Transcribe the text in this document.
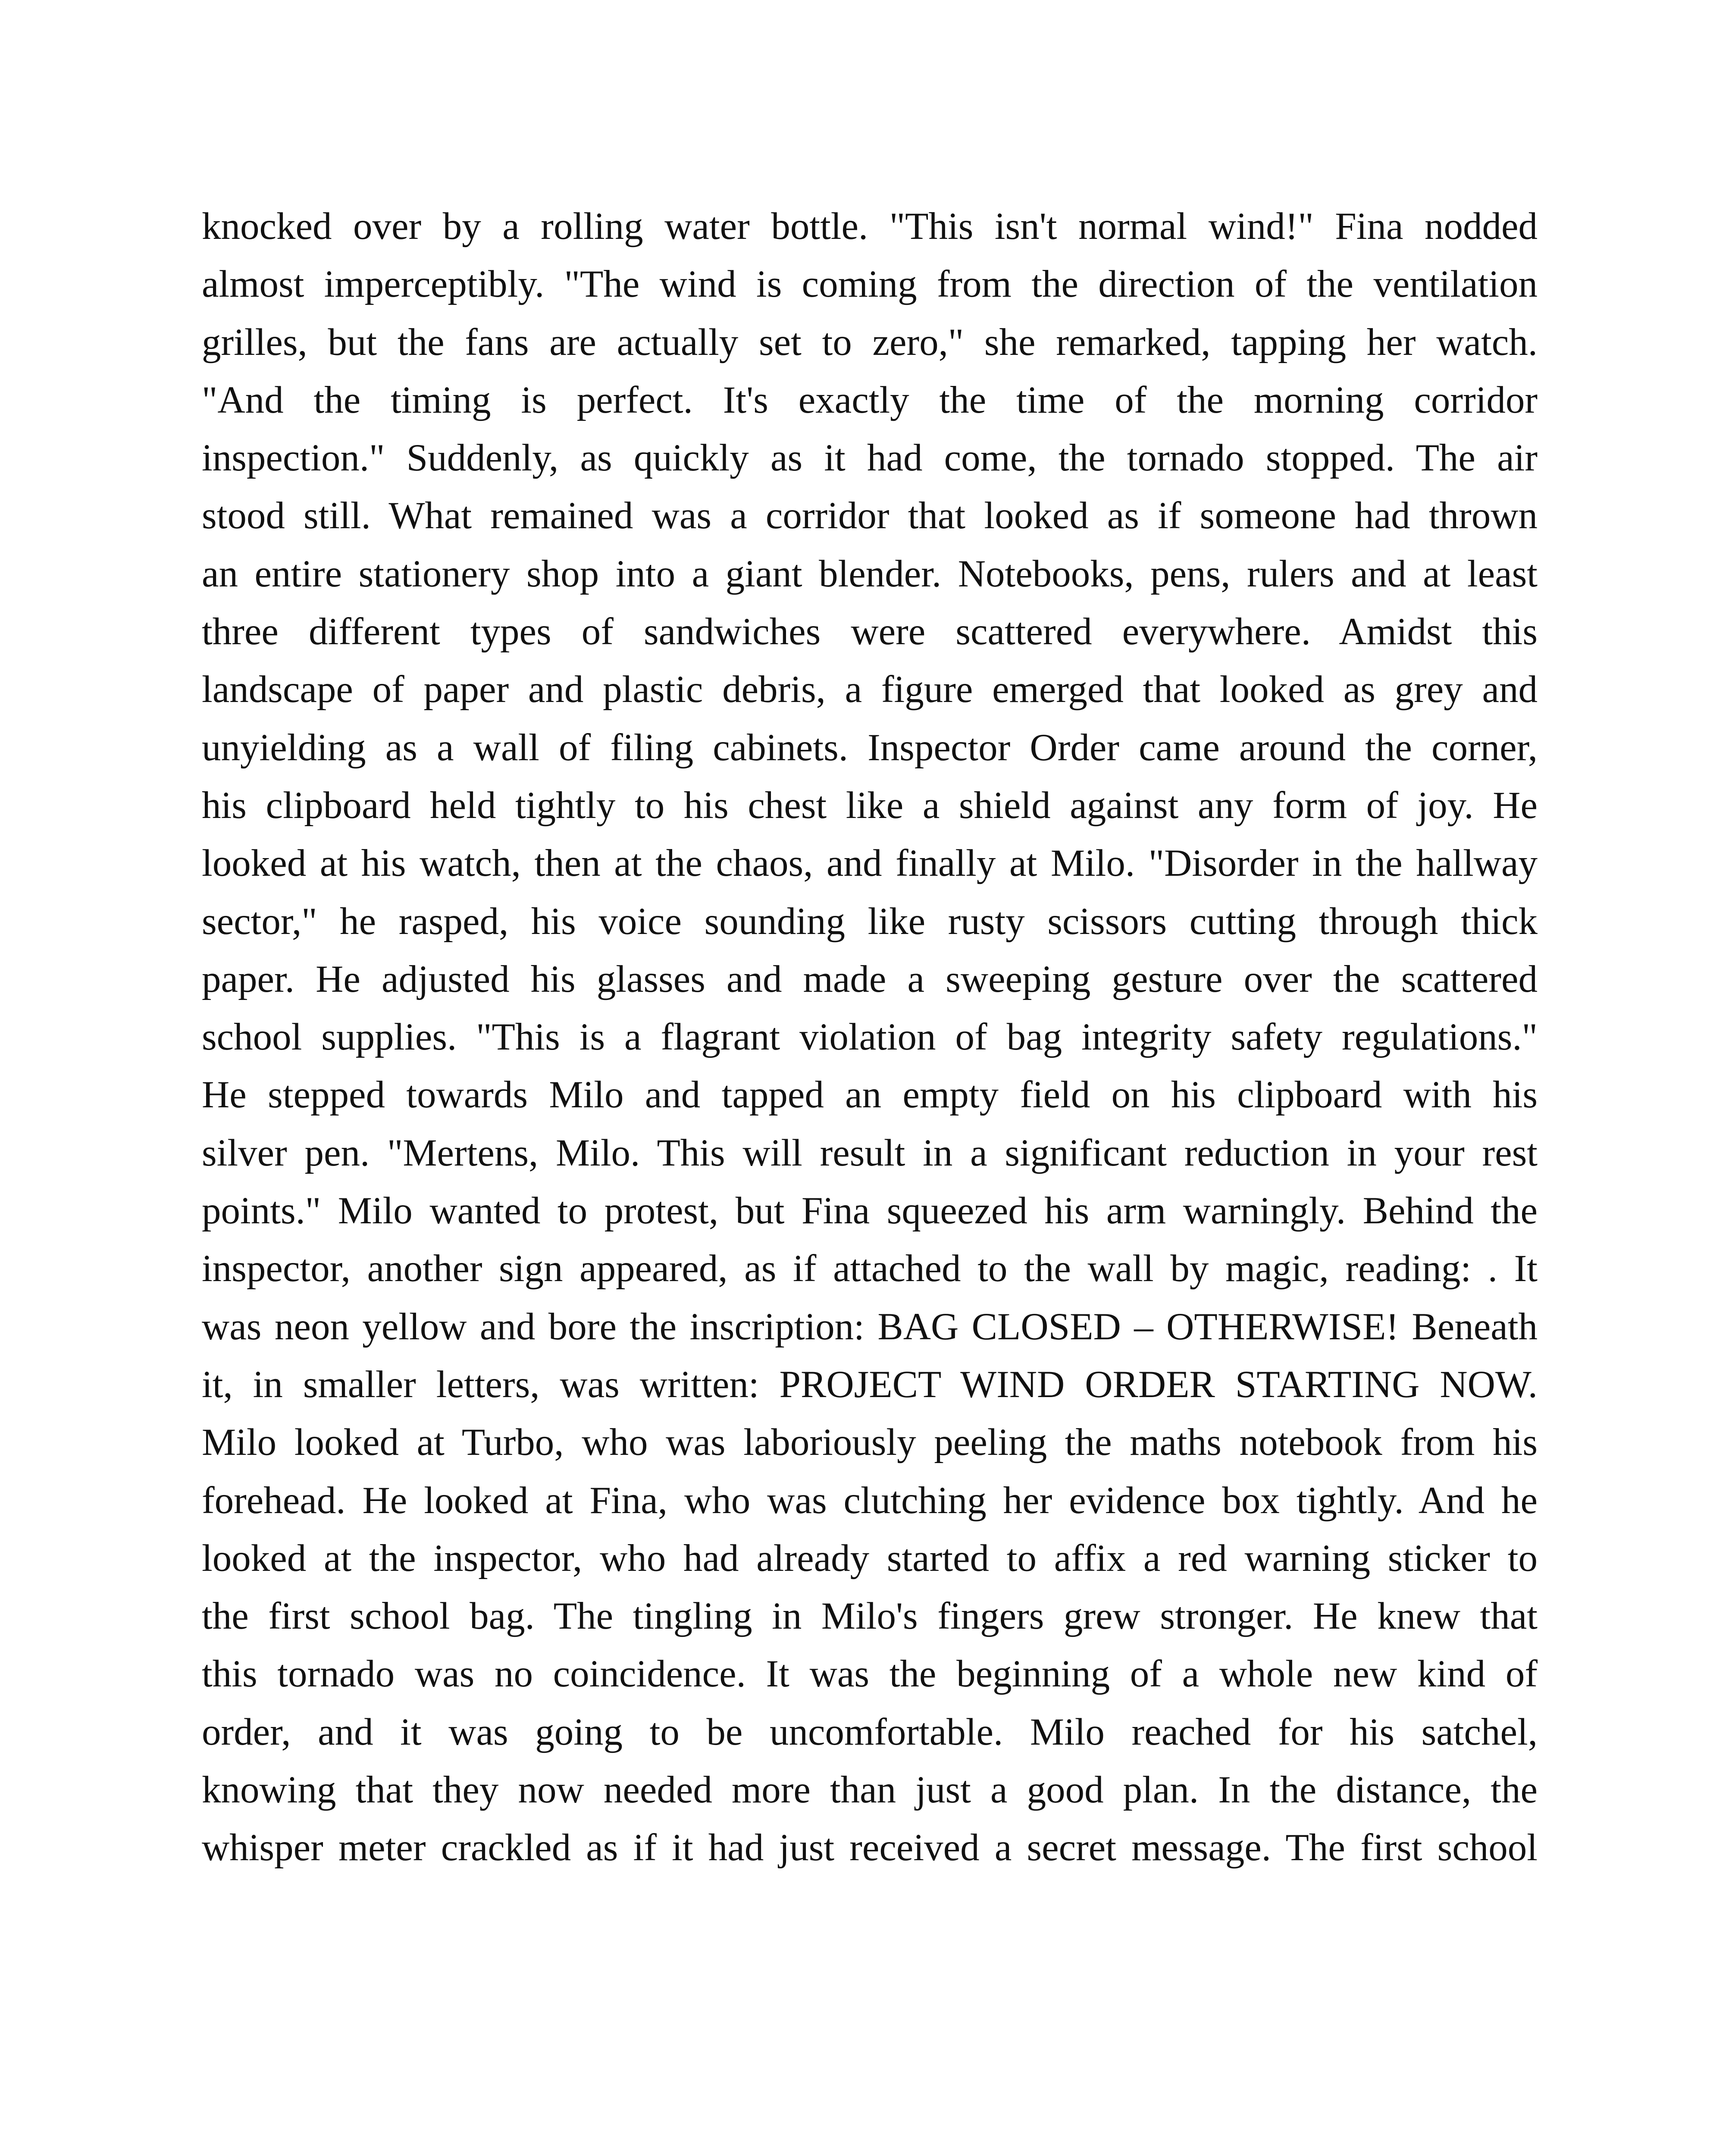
knocked over by a rolling water bottle. "This isn't normal wind!" Fina nodded
almost imperceptibly. "The wind is coming from the direction of the ventilation
grilles, but the fans are actually set to zero," she remarked, tapping her watch.
"And the timing is perfect. It's exactly the time of the morning corridor
inspection." Suddenly, as quickly as it had come, the tornado stopped. The air
stood still. What remained was a corridor that looked as if someone had thrown
an entire stationery shop into a giant blender. Notebooks, pens, rulers and at least
three different types of sandwiches were scattered everywhere. Amidst this
landscape of paper and plastic debris, a figure emerged that looked as grey and
unyielding as a wall of filing cabinets. Inspector Order came around the corner,
his clipboard held tightly to his chest like a shield against any form of joy. He
looked at his watch, then at the chaos, and finally at Milo. "Disorder in the hallway
sector," he rasped, his voice sounding like rusty scissors cutting through thick
paper. He adjusted his glasses and made a sweeping gesture over the scattered
school supplies. "This is a flagrant violation of bag integrity safety regulations."
He stepped towards Milo and tapped an empty field on his clipboard with his
silver pen. "Mertens, Milo. This will result in a significant reduction in your rest
points." Milo wanted to protest, but Fina squeezed his arm warningly. Behind the
inspector, another sign appeared, as if attached to the wall by magic, reading: . It
was neon yellow and bore the inscription: BAG CLOSED – OTHERWISE! Beneath
it, in smaller letters, was written: PROJECT WIND ORDER STARTING NOW.
Milo looked at Turbo, who was laboriously peeling the maths notebook from his
forehead. He looked at Fina, who was clutching her evidence box tightly. And he
looked at the inspector, who had already started to affix a red warning sticker to
the first school bag. The tingling in Milo's fingers grew stronger. He knew that
this tornado was no coincidence. It was the beginning of a whole new kind of
order, and it was going to be uncomfortable. Milo reached for his satchel,
knowing that they now needed more than just a good plan. In the distance, the
whisper meter crackled as if it had just received a secret message. The first school
